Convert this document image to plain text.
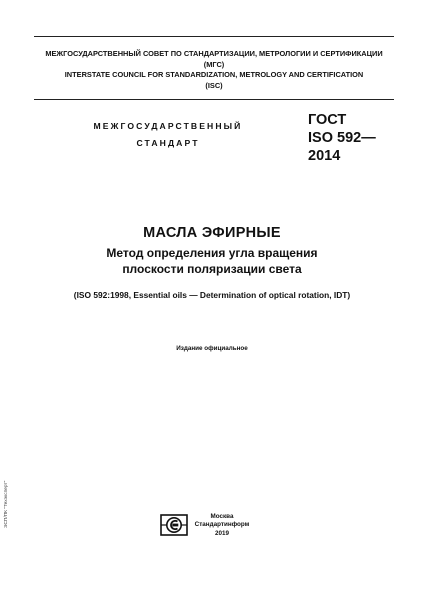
МЕЖГОСУДАРСТВЕННЫЙ СОВЕТ ПО СТАНДАРТИЗАЦИИ, МЕТРОЛОГИИ И СЕРТИФИКАЦИИ
(МГС)
INTERSTATE COUNCIL FOR STANDARDIZATION, METROLOGY AND CERTIFICATION
(ISC)
МЕЖГОСУДАРСТВЕННЫЙ
СТАНДАРТ
ГОСТ
ISO 592—
2014
МАСЛА ЭФИРНЫЕ
Метод определения угла вращения
плоскости поляризации света
(ISO 592:1998, Essential oils — Determination of optical rotation, IDT)
Издание официальное
Москва
Стандартинформ
2019
ЭСП/ПК "Техэксперт"
